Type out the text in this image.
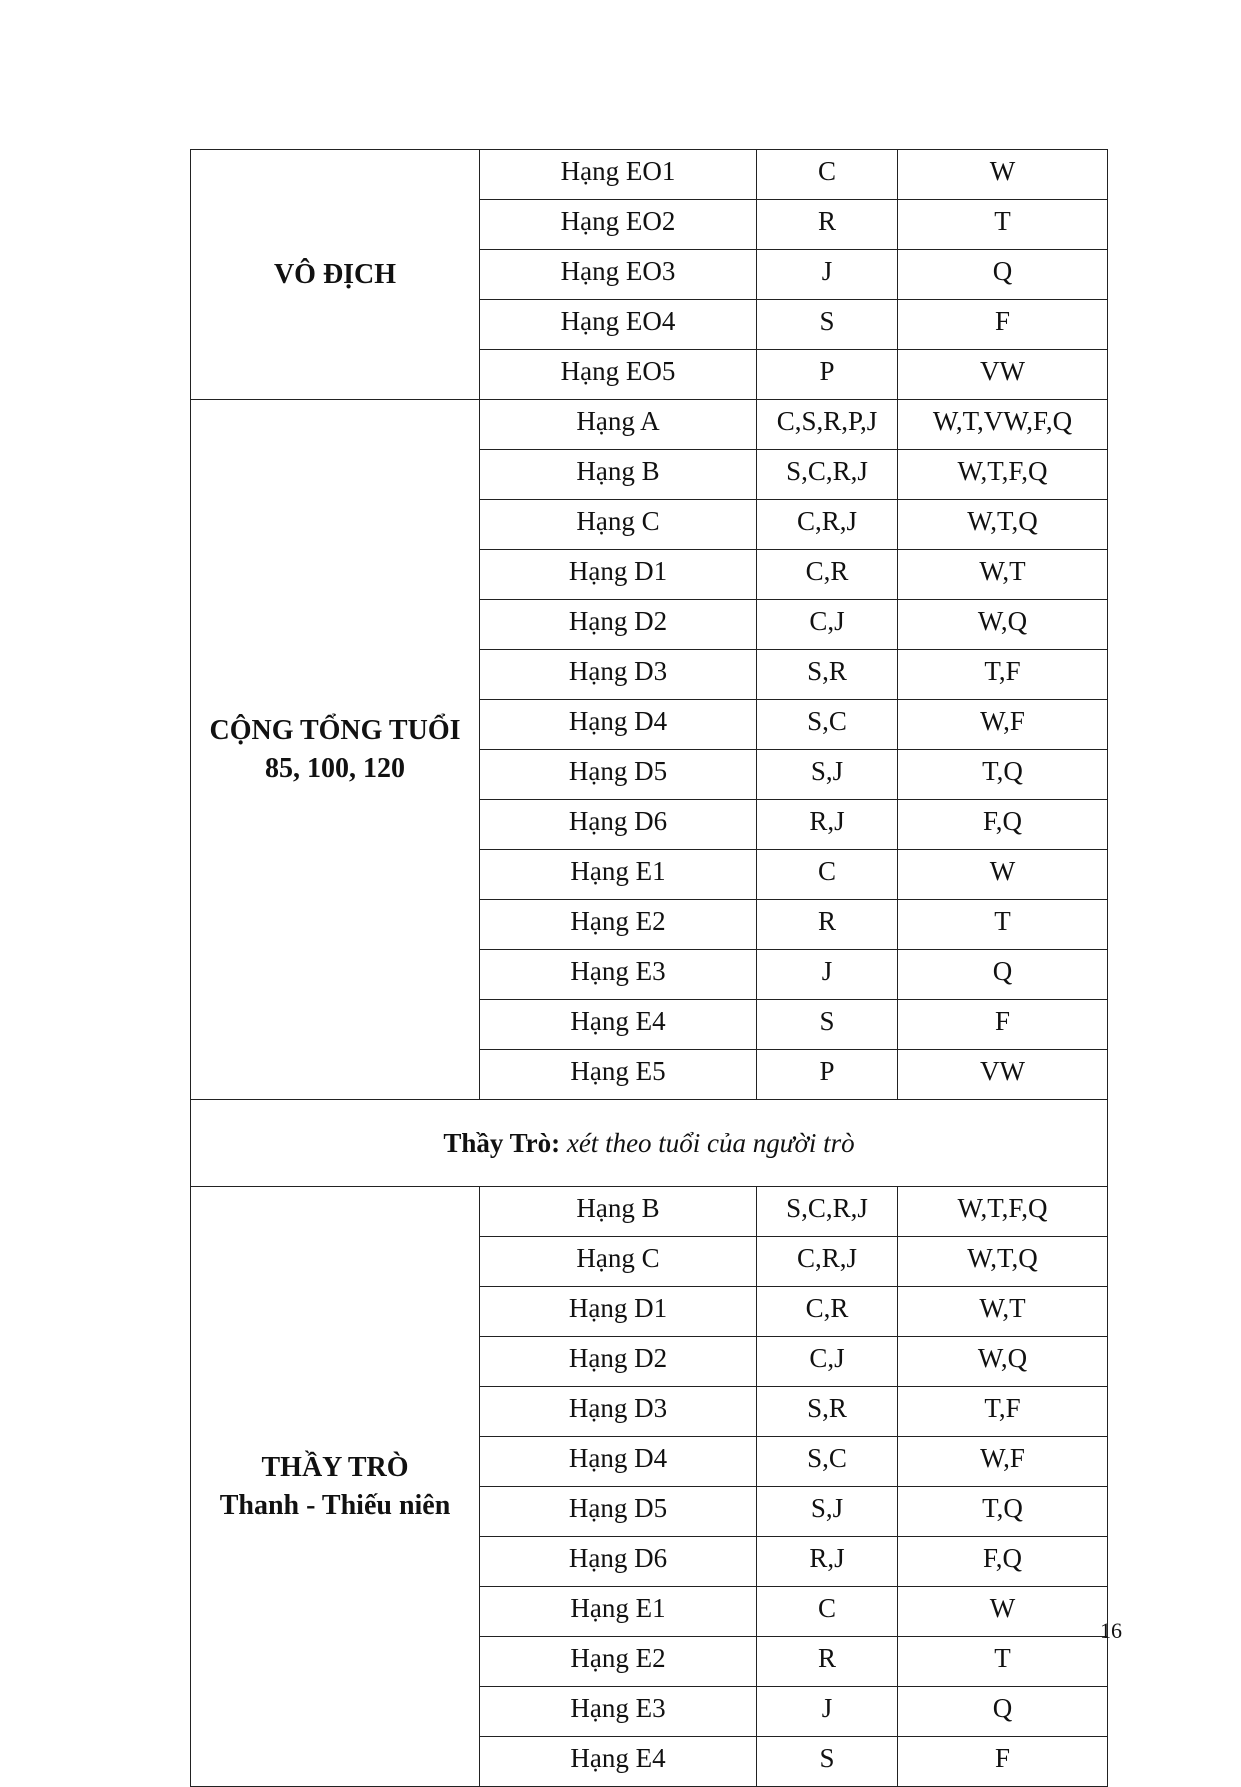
VÔ ĐỊCH	Hạng EO1	C	W
	Hạng EO2	R	T
	Hạng EO3	J	Q
	Hạng EO4	S	F
	Hạng EO5	P	VW

CỘNG TỔNG TUỔI
85, 100, 120	Hạng A	C,S,R,P,J	W,T,VW,F,Q
	Hạng B	S,C,R,J	W,T,F,Q
	Hạng C	C,R,J	W,T,Q
	Hạng D1	C,R	W,T
	Hạng D2	C,J	W,Q
	Hạng D3	S,R	T,F
	Hạng D4	S,C	W,F
	Hạng D5	S,J	T,Q
	Hạng D6	R,J	F,Q
	Hạng E1	C	W
	Hạng E2	R	T
	Hạng E3	J	Q
	Hạng E4	S	F
	Hạng E5	P	VW
Thầy Trò: xét theo tuổi của người trò			

THẦY TRÒ
Thanh - Thiếu niên	Hạng B	S,C,R,J	W,T,F,Q
	Hạng C	C,R,J	W,T,Q
	Hạng D1	C,R	W,T
	Hạng D2	C,J	W,Q
	Hạng D3	S,R	T,F
	Hạng D4	S,C	W,F
	Hạng D5	S,J	T,Q
	Hạng D6	R,J	F,Q
	Hạng E1	C	W
	Hạng E2	R	T
	Hạng E3	J	Q
	Hạng E4	S	F
16
